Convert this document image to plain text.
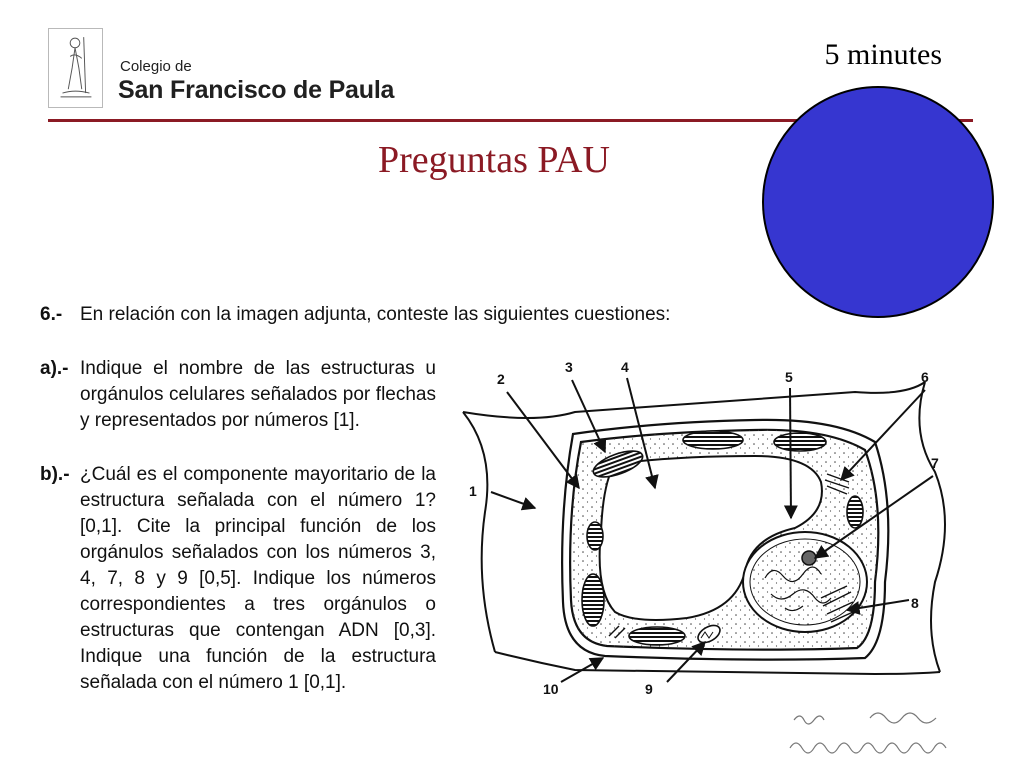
Colegio de
San Francisco de Paula
5 minutes
Preguntas PAU
6.- En relación con la imagen adjunta, conteste las siguientes cuestiones:
a).- Indique el nombre de las estructuras u orgánulos celulares señalados por flechas y representados por números [1].
b).- ¿Cuál es el componente mayoritario de la estructura señalada con el número 1? [0,1]. Cite la principal función de los orgánulos señalados con los números 3, 4, 7, 8 y 9 [0,5]. Indique los números correspondientes a tres orgánulos o estructuras que contengan ADN [0,3]. Indique una función de la estructura señalada con el número 1 [0,1].
1
2
3	4
5	6
7
8
9
10
